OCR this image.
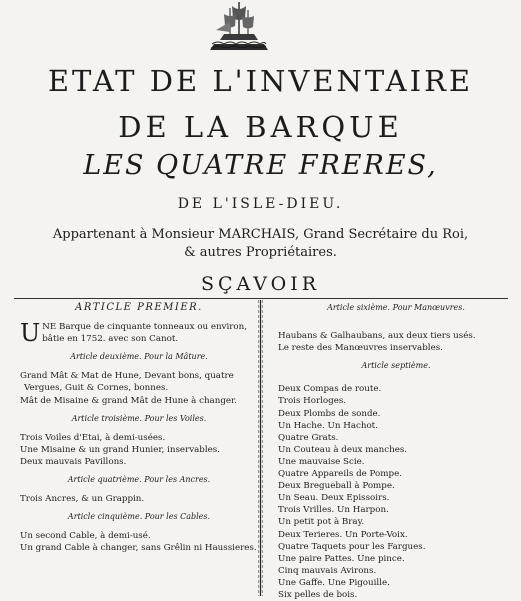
ETAT DE L'INVENTAIRE
DE LA BARQUE
LES QUATRE FRERES,
DE L'ISLE-DIEU.
Appartenant à Monsieur MARCHAIS, Grand Secrétaire du Roi,
& autres Propriétaires.
SÇAVOIR
ARTICLE PREMIER.
U NE Barque de cinquante tonneaux ou environ,
bâtie en 1752. avec son Canot.
Article deuxième. Pour la Mâture.
Grand Mât & Mat de Hune, Devant bons, quatre
Vergues, Guit & Cornes, bonnes.
Mât de Misaine & grand Mât de Hune à changer.
Article troisième. Pour les Voiles.
Trois Voiles d'Etai, à demi-usées.
Une Misaine & un grand Hunier, inservables.
Deux mauvais Pavillons.
Article quatrième. Pour les Ancres.
Trois Ancres, & un Grappin.
Article cinquième. Pour les Cables.
Un second Cable, à demi-usé.
Un grand Cable à changer, sans Grêlin ni Haussieres.
Article sixième. Pour Manœuvres.
Haubans & Galhaubans, aux deux tiers usés.
Le reste des Manœuvres inservables.
Article septième.
Deux Compas de route.
Trois Horloges.
Deux Plombs de sonde.
Un Hache. Un Hachot.
Quatre Grats.
Un Couteau à deux manches.
Une mauvaise Scie.
Quatre Appareils de Pompe.
Deux Bregueball à Pompe.
Un Seau. Deux Epissoirs.
Trois Vrilles. Un Harpon.
Un petit pot à Bray.
Deux Terieres. Un Porte-Voix.
Quatre Taquets pour les Fargues.
Une paire Pattes. Une pince.
Cinq mauvais Avirons.
Une Gaffe. Une Pigouille.
Six pelles de bois.
